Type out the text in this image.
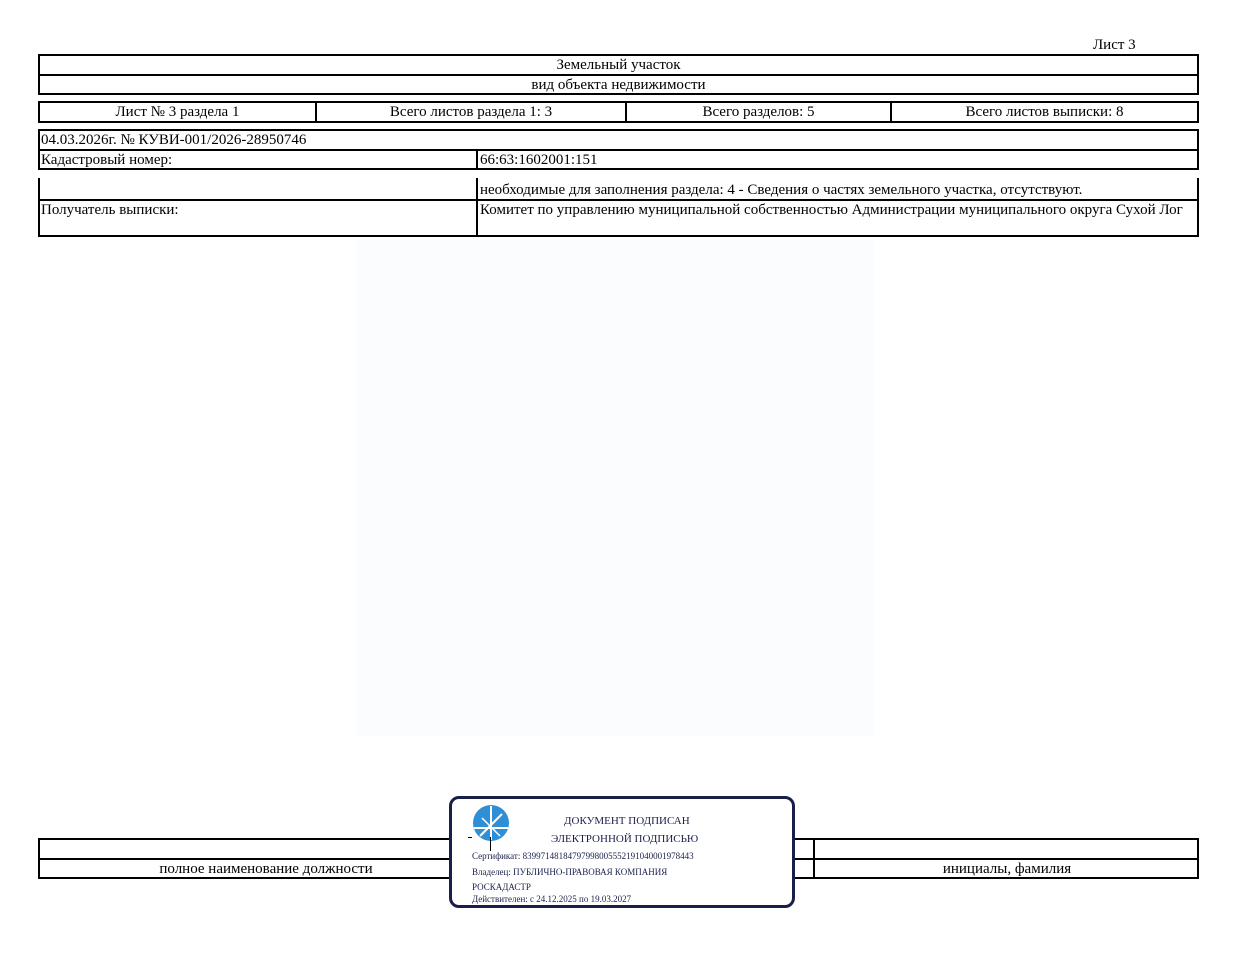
Лист 3
Земельный участок
вид объекта недвижимости
Лист № 3 раздела 1	Всего листов раздела 1: 3	Всего разделов: 5	Всего листов выписки: 8
04.03.2026г. № КУВИ-001/2026-28950746
Кадастровый номер:	66:63:1602001:151
необходимые для заполнения раздела: 4 - Сведения о частях земельного участка, отсутствуют.
Получатель выписки:	Комитет по управлению муниципальной собственностью Администрации муниципального округа Сухой Лог
полное наименование должности	инициалы, фамилия
ДОКУМЕНТ ПОДПИСАН
ЭЛЕКТРОННОЙ ПОДПИСЬЮ
Сертификат: 83997148184797998005552191040001978443
Владелец: ПУБЛИЧНО-ПРАВОВАЯ КОМПАНИЯ
РОСКАДАСТР
Действителен: с 24.12.2025 по 19.03.2027
